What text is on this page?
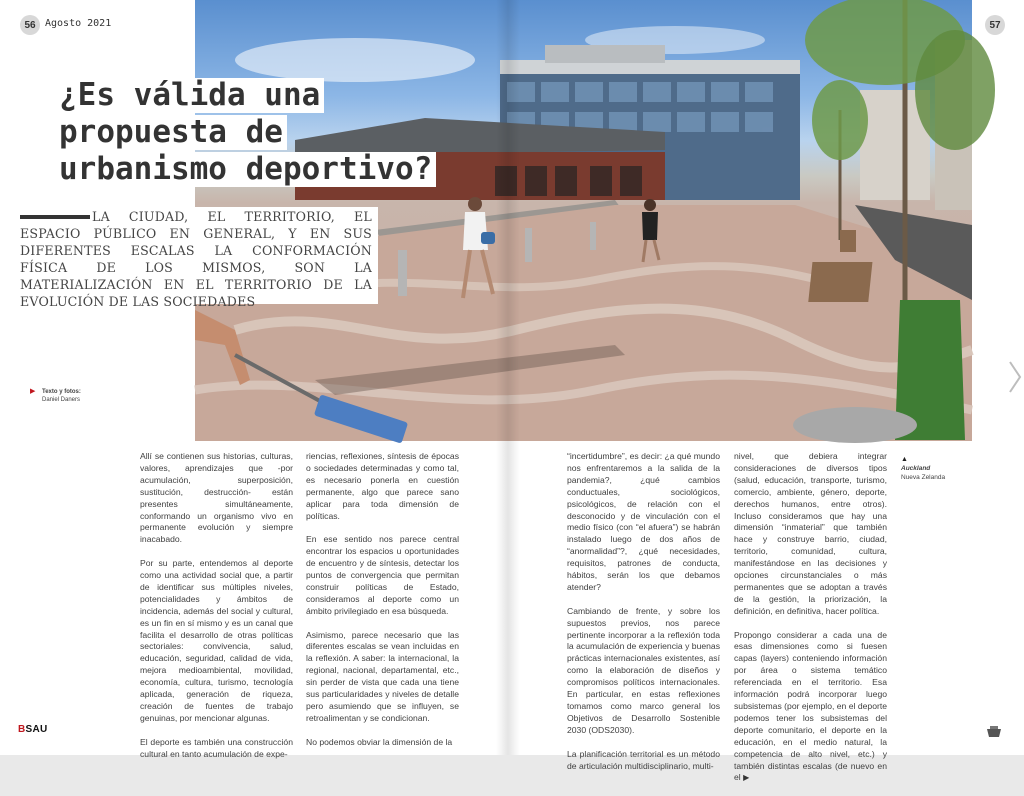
56 Agosto 2021	57
¿Es válida una
propuesta de
urbanismo deportivo?

LA CIUDAD, EL TERRITORIO, EL ESPACIO PÚBLICO EN GENERAL, Y EN SUS DIFERENTES ESCALAS LA CONFORMACIÓN FÍSICA DE LOS MISMOS, SON LA MATERIALIZACIÓN EN EL TERRITORIO DE LA EVOLUCIÓN DE LAS SOCIEDADES

▶ Texto y fotos:
Daniel Daners
▲
Auckland
Nueva Zelanda

Allí se contienen sus historias, culturas, valores, aprendizajes que -por acumulación, superposición, sustitución, destrucción- están presentes simultáneamente, conformando un organismo vivo en permanente evolución y siempre inacabado.

Por su parte, entendemos al deporte como una actividad social que, a partir de identificar sus múltiples niveles, potencialidades y ámbitos de incidencia, además del social y cultural, es un fin en sí mismo y es un canal que facilita el desarrollo de otras políticas sectoriales: convivencia, salud, educación, seguridad, calidad de vida, mejora medioambiental, movilidad, economía, cultura, turismo, tecnología aplicada, generación de riqueza, creación de fuentes de trabajo genuinas, por mencionar algunas.

El deporte es también una construcción cultural en tanto acumulación de expe-

riencias, reflexiones, síntesis de épocas o sociedades determinadas y como tal, es necesario ponerla en cuestión permanente, algo que parece sano aplicar para toda dimensión de políticas.

En ese sentido nos parece central encontrar los espacios u oportunidades de encuentro y de síntesis, detectar los puntos de convergencia que permitan construir políticas de Estado, consideramos al deporte como un ámbito privilegiado en esa búsqueda.

Asimismo, parece necesario que las diferentes escalas se vean incluidas en la reflexión. A saber: la internacional, la regional, nacional, departamental, etc., sin perder de vista que cada una tiene sus particularidades y niveles de detalle pero asumiendo que se influyen, se retroalimentan y se condicionan.

No podemos obviar la dimensión de la

“incertidumbre”, es decir: ¿a qué mundo nos enfrentaremos a la salida de la pandemia?, ¿qué cambios conductuales, sociológicos, psicológicos, de relación con el desconocido y de vinculación con el medio físico (con “el afuera”) se habrán instalado luego de dos años de “anormalidad”?, ¿qué necesidades, requisitos, patrones de conducta, hábitos, serán los que debamos atender?

Cambiando de frente, y sobre los supuestos previos, nos parece pertinente incorporar a la reflexión toda la acumulación de experiencia y buenas prácticas internacionales existentes, así como la elaboración de diseños y compromisos políticos internacionales. En particular, en estas reflexiones tomamos como marco general los Objetivos de Desarrollo Sostenible 2030 (ODS2030).

La planificación territorial es un método de articulación multidisciplinario, multi-

nivel, que debiera integrar consideraciones de diversos tipos (salud, educación, transporte, turismo, comercio, ambiente, género, deporte, derechos humanos, entre otros). Incluso consideramos que hay una dimensión “inmaterial” que también hace y construye barrio, ciudad, territorio, comunidad, cultura, manifestándose en las decisiones y opciones circunstanciales o más permanentes que se adoptan a través de la gestión, la priorización, la definición, en definitiva, hacer política.

Propongo considerar a cada una de esas dimensiones como si fuesen capas (layers) conteniendo información por área o sistema temático referenciada en el territorio. Esa información podrá incorporar luego subsistemas (por ejemplo, en el deporte podemos tener los subsistemas del deporte comunitario, el deporte en la educación, en el medio natural, la competencia de alto nivel, etc.) y también distintas escalas (de nuevo en el ▶

BSAU
